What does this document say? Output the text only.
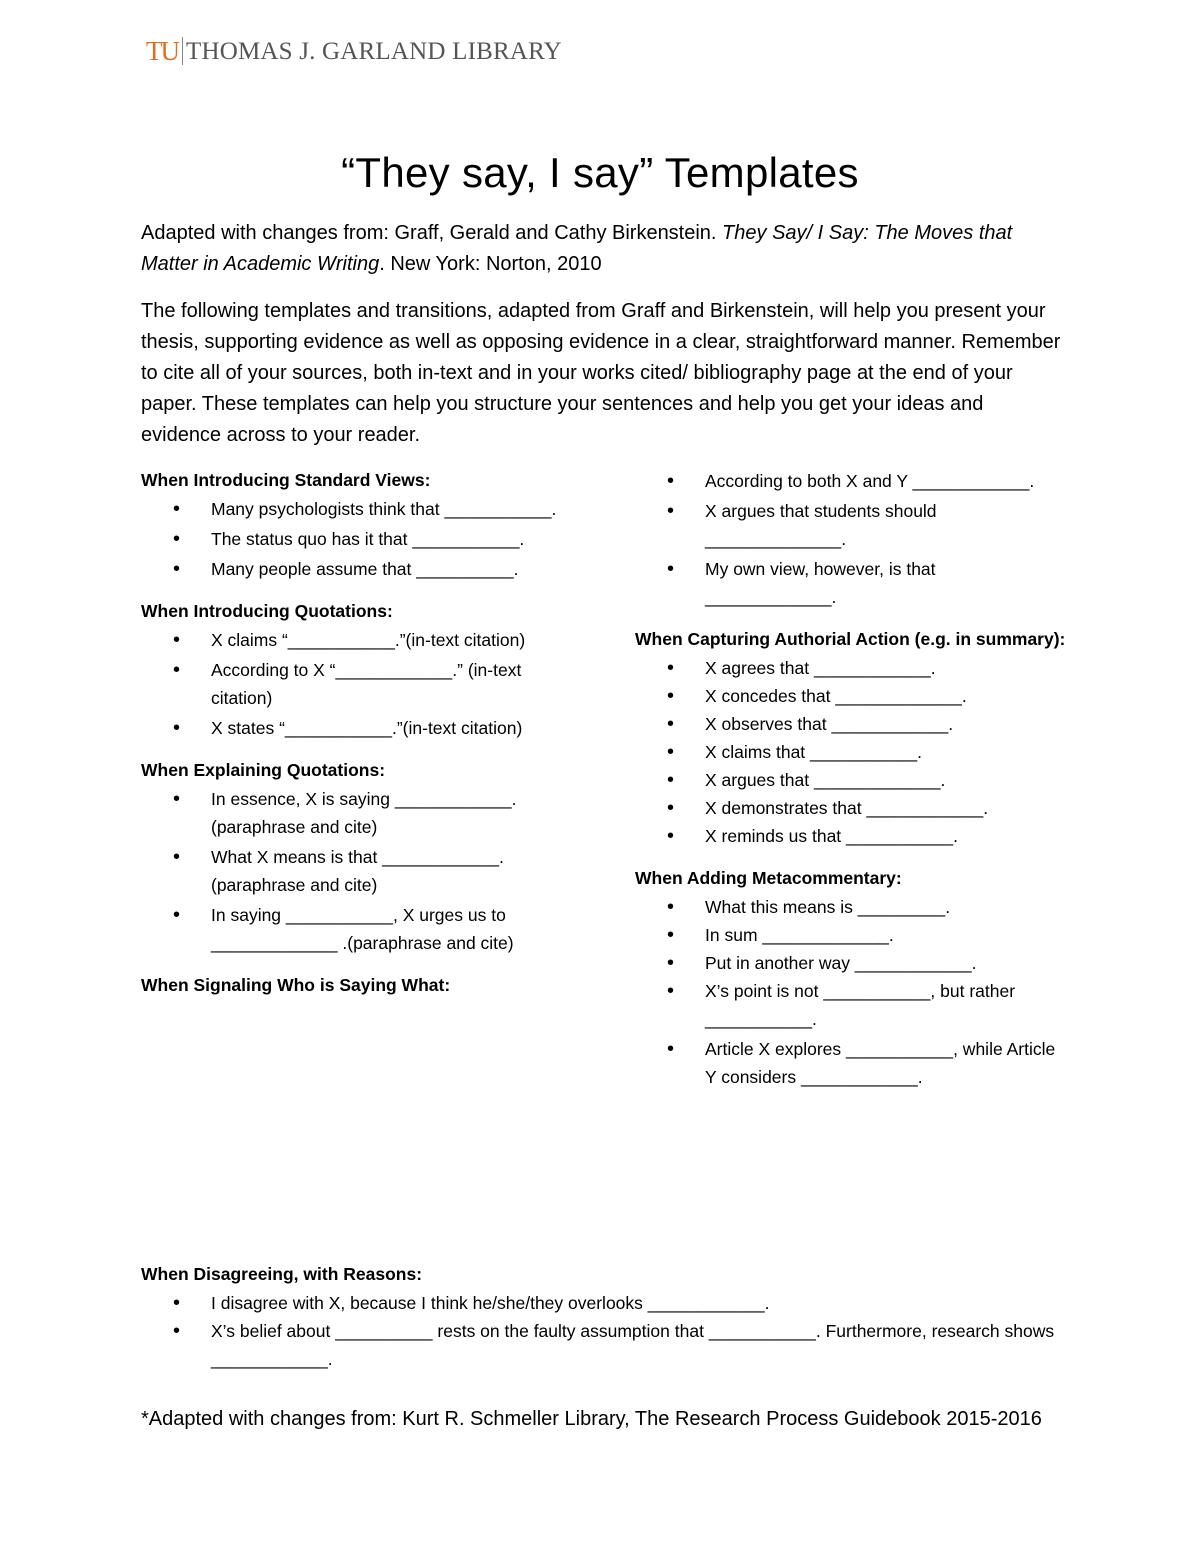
TU THOMAS J. GARLAND LIBRARY
“They say, I say” Templates
Adapted with changes from: Graff, Gerald and Cathy Birkenstein. They Say/ I Say: The Moves that Matter in Academic Writing. New York: Norton, 2010
The following templates and transitions, adapted from Graff and Birkenstein, will help you present your thesis, supporting evidence as well as opposing evidence in a clear, straightforward manner. Remember to cite all of your sources, both in-text and in your works cited/ bibliography page at the end of your paper. These templates can help you structure your sentences and help you get your ideas and evidence across to your reader.
When Introducing Standard Views:
• Many psychologists think that ___________.
• The status quo has it that ___________.
• Many people assume that __________.
When Introducing Quotations:
• X claims “___________.”(in-text citation)
• According to X “____________.” (in-text citation)
• X states “___________.”(in-text citation)
When Explaining Quotations:
• In essence, X is saying ____________. (paraphrase and cite)
• What X means is that ____________. (paraphrase and cite)
• In saying ___________, X urges us to _____________ .(paraphrase and cite)
When Signaling Who is Saying What:
• According to both X and Y ____________.
• X argues that students should ______________.
• My own view, however, is that _____________.
When Capturing Authorial Action (e.g. in summary):
• X agrees that ____________.
• X concedes that _____________.
• X observes that ____________.
• X claims that ___________.
• X argues that _____________.
• X demonstrates that ____________.
• X reminds us that ___________.
When Adding Metacommentary:
• What this means is _________.
• In sum _____________.
• Put in another way ____________.
• X’s point is not ___________, but rather ___________.
• Article X explores ___________, while Article Y considers ____________.
When Disagreeing, with Reasons:
• I disagree with X, because I think he/she/they overlooks ____________.
• X’s belief about __________ rests on the faulty assumption that ___________. Furthermore, research shows ____________.
*Adapted with changes from: Kurt R. Schmeller Library, The Research Process Guidebook 2015-2016
